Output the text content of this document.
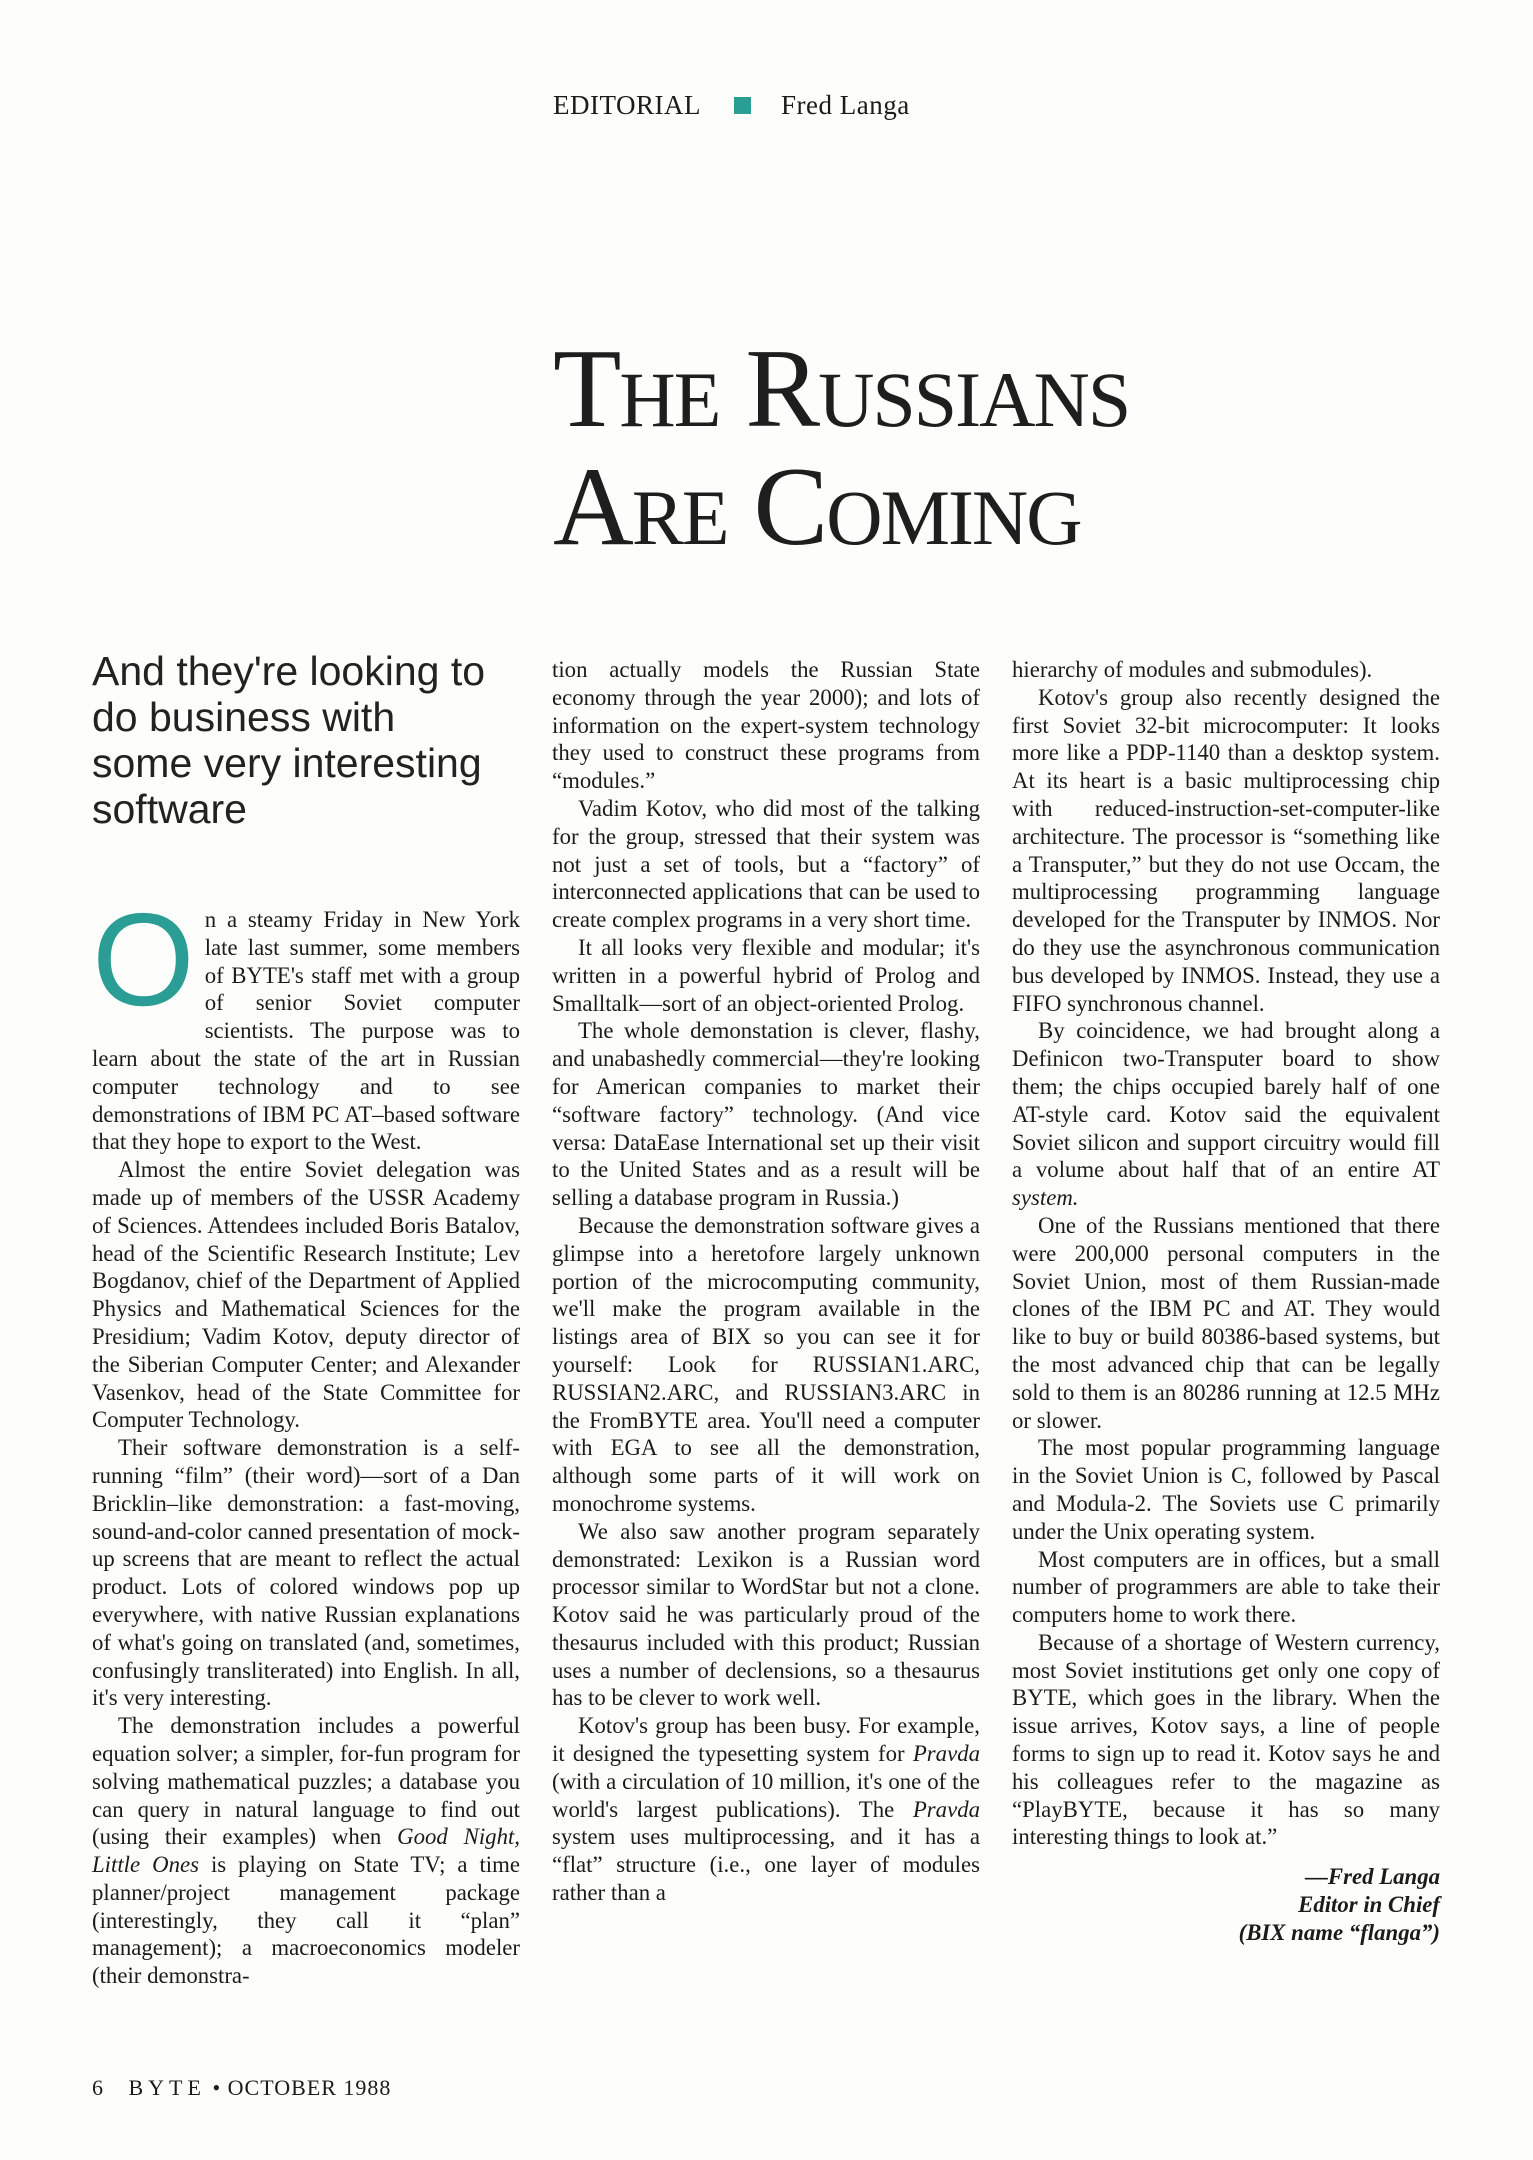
EDITORIAL	Fred Langa
The Russians
Are Coming
And they're looking to do business with some very interesting software

On a steamy Friday in New York late last summer, some members of BYTE's staff met with a group of senior Soviet computer scientists. The purpose was to learn about the state of the art in Russian computer technology and to see demonstrations of IBM PC AT–based software that they hope to export to the West.

Almost the entire Soviet delegation was made up of members of the USSR Academy of Sciences. Attendees included Boris Batalov, head of the Scientific Research Institute; Lev Bogdanov, chief of the Department of Applied Physics and Mathematical Sciences for the Presidium; Vadim Kotov, deputy director of the Siberian Computer Center; and Alexander Vasenkov, head of the State Committee for Computer Technology.

Their software demonstration is a self-running “film” (their word)—sort of a Dan Bricklin–like demonstration: a fast-moving, sound-and-color canned presentation of mock-up screens that are meant to reflect the actual product. Lots of colored windows pop up everywhere, with native Russian explanations of what's going on translated (and, sometimes, confusingly transliterated) into English. In all, it's very interesting.

The demonstration includes a powerful equation solver; a simpler, for-fun program for solving mathematical puzzles; a database you can query in natural language to find out (using their examples) when Good Night, Little Ones is playing on State TV; a time planner/project management package (interestingly, they call it “plan” management); a macroeconomics modeler (their demonstra-

tion actually models the Russian State economy through the year 2000); and lots of information on the expert-system technology they used to construct these programs from “modules.”

Vadim Kotov, who did most of the talking for the group, stressed that their system was not just a set of tools, but a “factory” of interconnected applications that can be used to create complex programs in a very short time.

It all looks very flexible and modular; it's written in a powerful hybrid of Prolog and Smalltalk—sort of an object-oriented Prolog.

The whole demonstation is clever, flashy, and unabashedly commercial—they're looking for American companies to market their “software factory” technology. (And vice versa: DataEase International set up their visit to the United States and as a result will be selling a database program in Russia.)

Because the demonstration software gives a glimpse into a heretofore largely unknown portion of the microcomputing community, we'll make the program available in the listings area of BIX so you can see it for yourself: Look for RUSSIAN1.ARC, RUSSIAN2.ARC, and RUSSIAN3.ARC in the FromBYTE area. You'll need a computer with EGA to see all the demonstration, although some parts of it will work on monochrome systems.

We also saw another program separately demonstrated: Lexikon is a Russian word processor similar to WordStar but not a clone. Kotov said he was particularly proud of the thesaurus included with this product; Russian uses a number of declensions, so a thesaurus has to be clever to work well.

Kotov's group has been busy. For example, it designed the typesetting system for Pravda (with a circulation of 10 million, it's one of the world's largest publications). The Pravda system uses multiprocessing, and it has a “flat” structure (i.e., one layer of modules rather than a

hierarchy of modules and submodules).

Kotov's group also recently designed the first Soviet 32-bit microcomputer: It looks more like a PDP-1140 than a desktop system. At its heart is a basic multiprocessing chip with reduced-instruction-set-computer-like architecture. The processor is “something like a Transputer,” but they do not use Occam, the multiprocessing programming language developed for the Transputer by INMOS. Nor do they use the asynchronous communication bus developed by INMOS. Instead, they use a FIFO synchronous channel.

By coincidence, we had brought along a Definicon two-Transputer board to show them; the chips occupied barely half of one AT-style card. Kotov said the equivalent Soviet silicon and support circuitry would fill a volume about half that of an entire AT system.

One of the Russians mentioned that there were 200,000 personal computers in the Soviet Union, most of them Russian-made clones of the IBM PC and AT. They would like to buy or build 80386-based systems, but the most advanced chip that can be legally sold to them is an 80286 running at 12.5 MHz or slower.

The most popular programming language in the Soviet Union is C, followed by Pascal and Modula-2. The Soviets use C primarily under the Unix operating system.

Most computers are in offices, but a small number of programmers are able to take their computers home to work there.

Because of a shortage of Western currency, most Soviet institutions get only one copy of BYTE, which goes in the library. When the issue arrives, Kotov says, a line of people forms to sign up to read it. Kotov says he and his colleagues refer to the magazine as “PlayBYTE, because it has so many interesting things to look at.”

—Fred Langa
Editor in Chief
(BIX name “flanga”)
6 BYTE • OCTOBER 1988
